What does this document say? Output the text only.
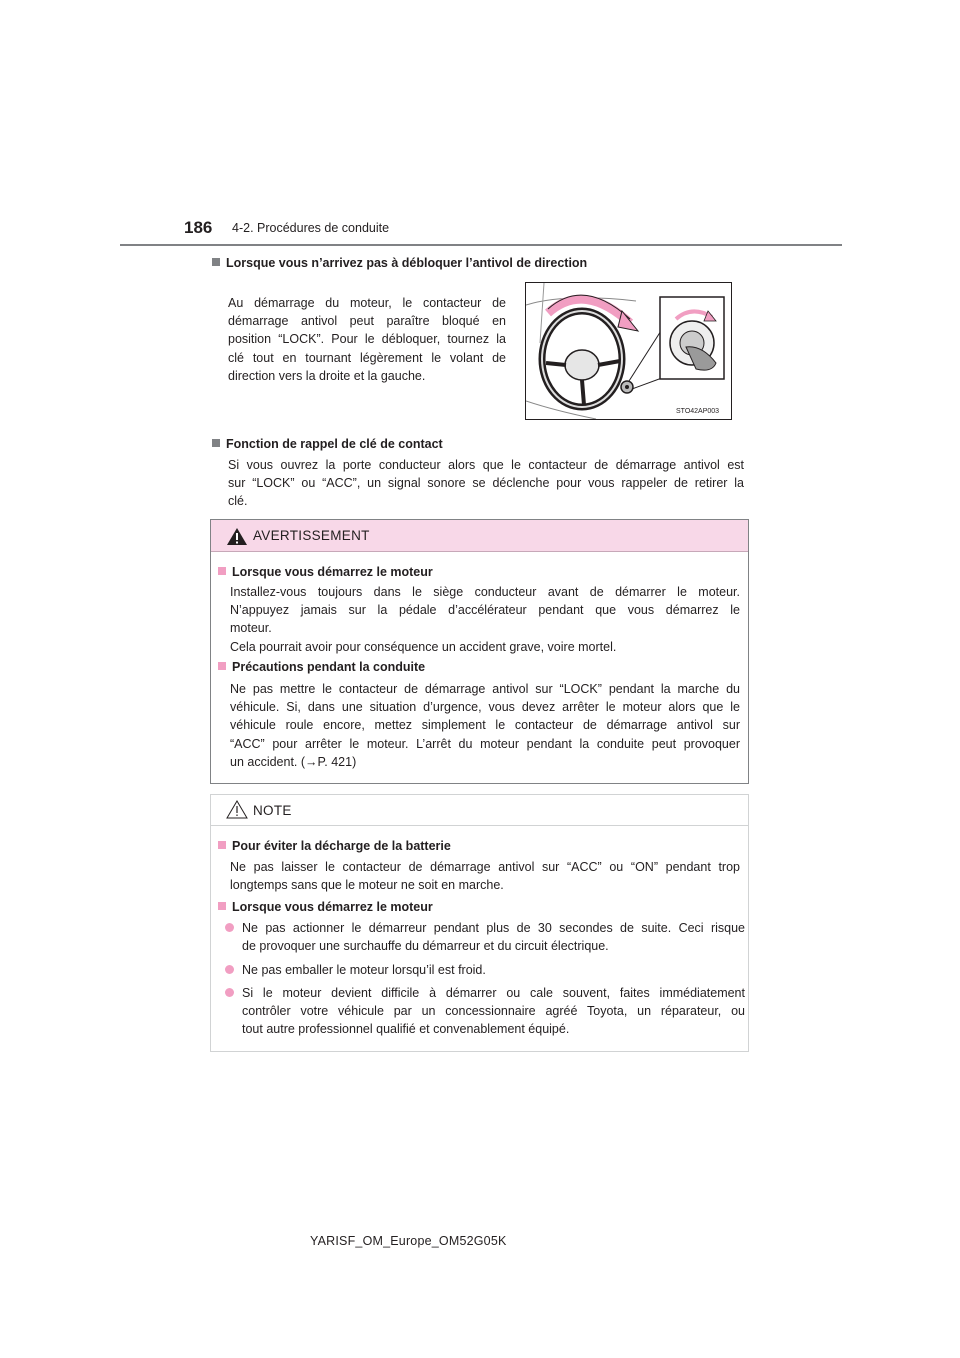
186 4-2. Procédures de conduite
Lorsque vous n’arrivez pas à débloquer l’antivol de direction

Au démarrage du moteur, le contacteur de

démarrage antivol peut paraître bloqué en

position “LOCK”. Pour le débloquer, tournez la

clé tout en tournant légèrement le volant de

direction vers la droite et la gauche.

STO42AP003
Fonction de rappel de clé de contact

Si vous ouvrez la porte conducteur alors que le contacteur de démarrage antivol est

sur “LOCK” ou “ACC”, un signal sonore se déclenche pour vous rappeler de retirer la

clé.

AVERTISSEMENT
Lorsque vous démarrez le moteur

Installez-vous toujours dans le siège conducteur avant de démarrer le moteur.

N’appuyez jamais sur la pédale d’accélérateur pendant que vous démarrez le

moteur.

Cela pourrait avoir pour conséquence un accident grave, voire mortel.

Précautions pendant la conduite

Ne pas mettre le contacteur de démarrage antivol sur “LOCK” pendant la marche du

véhicule. Si, dans une situation d’urgence, vous devez arrêter le moteur alors que le

véhicule roule encore, mettez simplement le contacteur de démarrage antivol sur

“ACC” pour arrêter le moteur. L’arrêt du moteur pendant la conduite peut provoquer

un accident. (→P. 421)

NOTE
Pour éviter la décharge de la batterie

Ne pas laisser le contacteur de démarrage antivol sur “ACC” ou “ON” pendant trop

longtemps sans que le moteur ne soit en marche.

Lorsque vous démarrez le moteur

Ne pas actionner le démarreur pendant plus de 30 secondes de suite. Ceci risque

de provoquer une surchauffe du démarreur et du circuit électrique.

Ne pas emballer le moteur lorsqu’il est froid.

Si le moteur devient difficile à démarrer ou cale souvent, faites immédiatement

contrôler votre véhicule par un concessionnaire agréé Toyota, un réparateur, ou

tout autre professionnel qualifié et convenablement équipé.

YARISF_OM_Europe_OM52G05K
